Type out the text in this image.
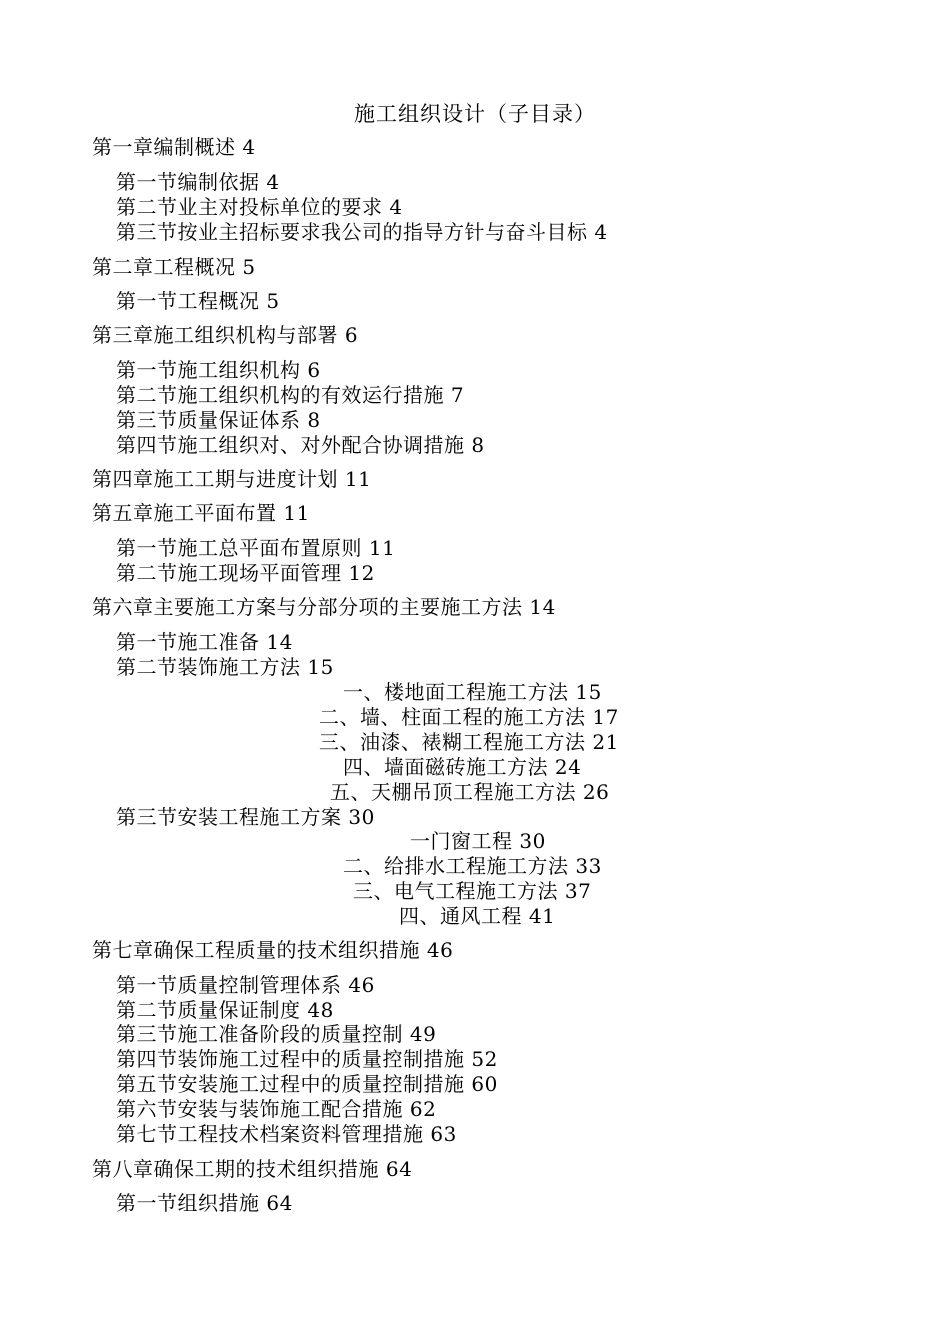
施工组织设计（子目录）
第一章编制概述 4
第一节编制依据 4
第二节业主对投标单位的要求 4
第三节按业主招标要求我公司的指导方针与奋斗目标 4
第二章工程概况 5
第一节工程概况 5
第三章施工组织机构与部署 6
第一节施工组织机构 6
第二节施工组织机构的有效运行措施 7
第三节质量保证体系 8
第四节施工组织对、对外配合协调措施 8
第四章施工工期与进度计划 11
第五章施工平面布置 11
第一节施工总平面布置原则 11
第二节施工现场平面管理 12
第六章主要施工方案与分部分项的主要施工方法 14
第一节施工准备 14
第二节装饰施工方法 15
一、楼地面工程施工方法 15
二、墙、柱面工程的施工方法 17
三、油漆、裱糊工程施工方法 21
四、墙面磁砖施工方法 24
五、天棚吊顶工程施工方法 26
第三节安装工程施工方案 30
一门窗工程 30
二、给排水工程施工方法 33
三、电气工程施工方法 37
四、通风工程 41
第七章确保工程质量的技术组织措施 46
第一节质量控制管理体系 46
第二节质量保证制度 48
第三节施工准备阶段的质量控制 49
第四节装饰施工过程中的质量控制措施 52
第五节安装施工过程中的质量控制措施 60
第六节安装与装饰施工配合措施 62
第七节工程技术档案资料管理措施 63
第八章确保工期的技术组织措施 64
第一节组织措施 64
